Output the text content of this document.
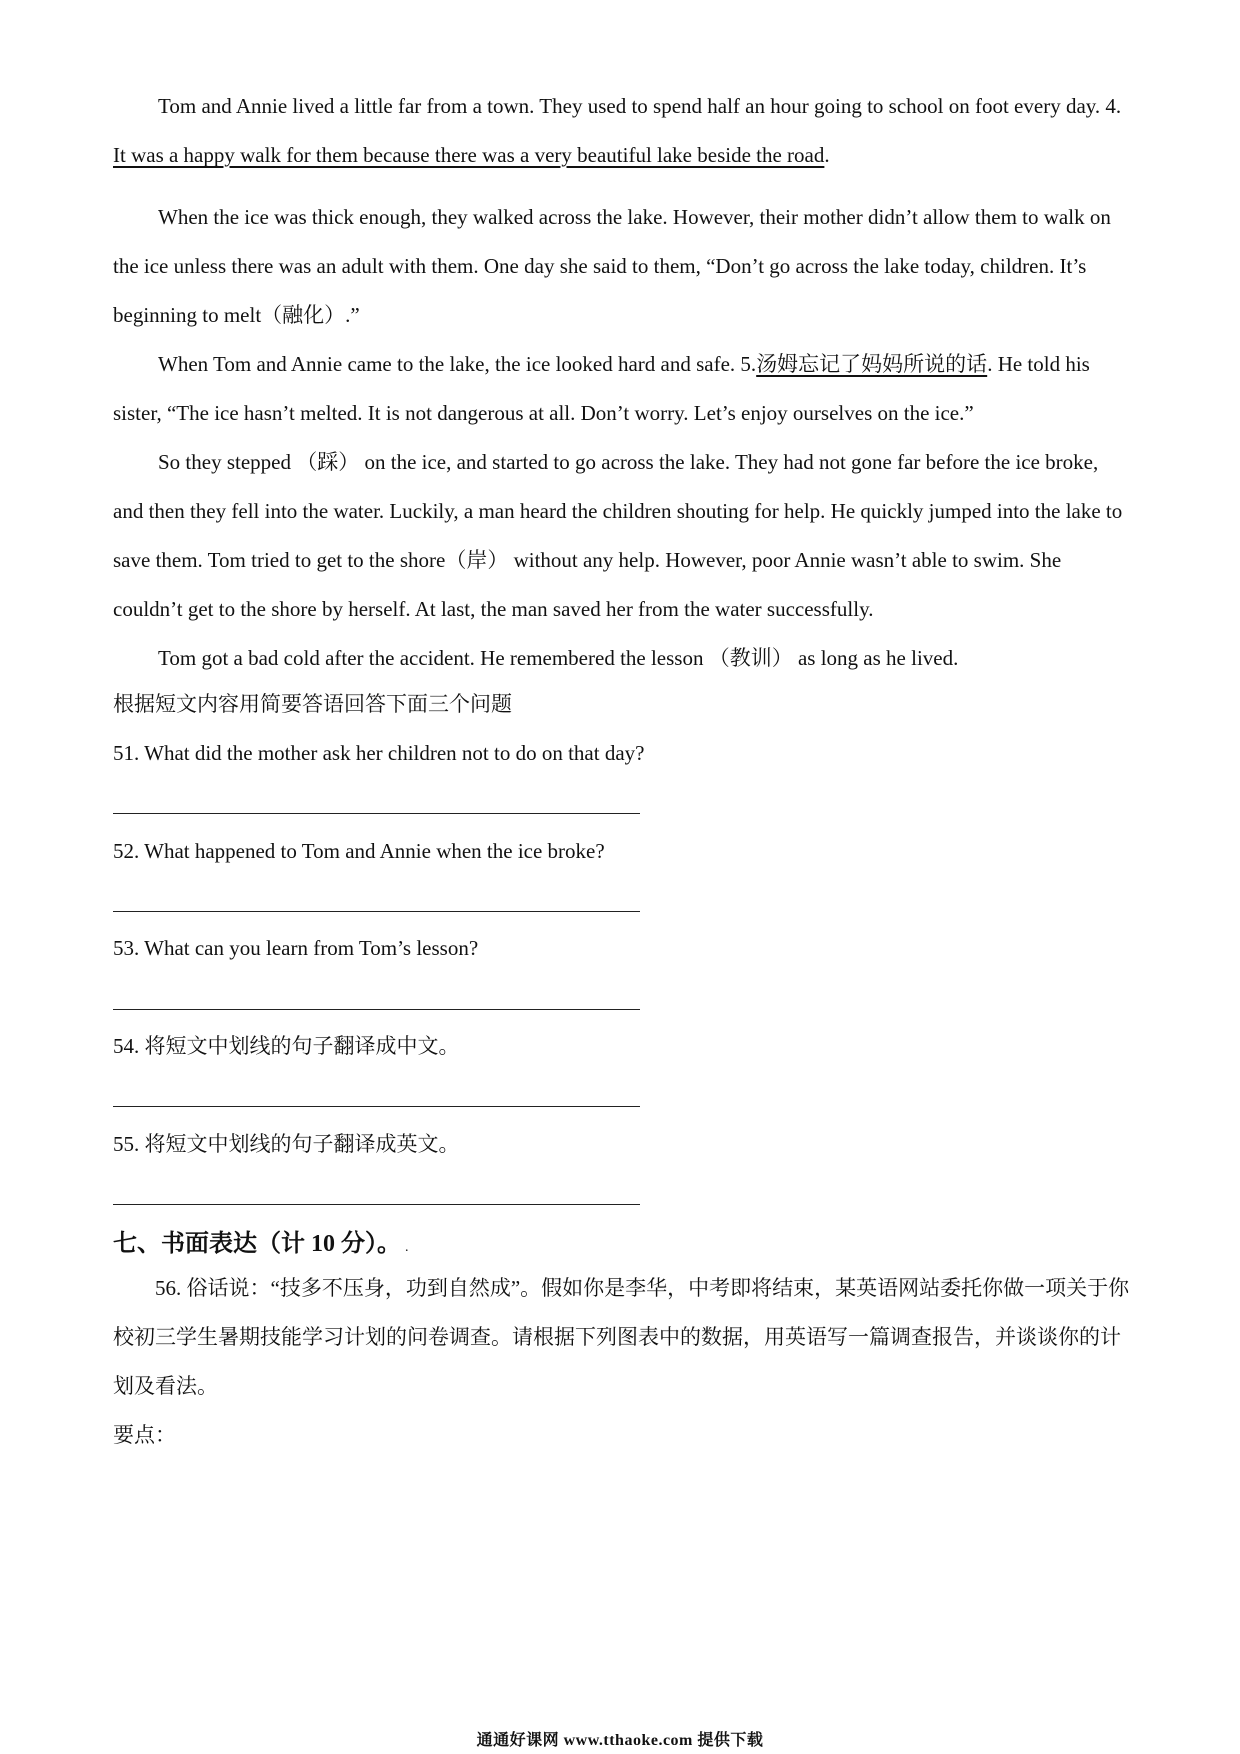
Tom and Annie lived a little far from a town. They used to spend half an hour going to school on foot every day. 4. It was a happy walk for them because there was a very beautiful lake beside the road.

When the ice was thick enough, they walked across the lake. However, their mother didn’t allow them to walk on the ice unless there was an adult with them. One day she said to them, “Don’t go across the lake today, children. It’s beginning to melt（融化）.”

When Tom and Annie came to the lake, the ice looked hard and safe. 5.汤姆忘记了妈妈所说的话. He told his sister, “The ice hasn’t melted. It is not dangerous at all. Don’t worry. Let’s enjoy ourselves on the ice.”

So they stepped （踩） on the ice, and started to go across the lake. They had not gone far before the ice broke, and then they fell into the water. Luckily, a man heard the children shouting for help. He quickly jumped into the lake to save them. Tom tried to get to the shore（岸） without any help. However, poor Annie wasn’t able to swim. She couldn’t get to the shore by herself. At last, the man saved her from the water successfully.

Tom got a bad cold after the accident. He remembered the lesson （教训） as long as he lived.

根据短文内容用简要答语回答下面三个问题
51. What did the mother ask her children not to do on that day?
52. What happened to Tom and Annie when the ice broke?
53. What can you learn from Tom’s lesson?
54. 将短文中划线的句子翻译成中文。
55. 将短文中划线的句子翻译成英文。
七、书面表达（计 10 分）。 .
56. 俗话说：“技多不压身，功到自然成”。假如你是李华，中考即将结束，某英语网站委托你做一项关于你校初三学生暑期技能学习计划的问卷调查。请根据下列图表中的数据，用英语写一篇调查报告，并谈谈你的计划及看法。
要点：
通通好课网 www.tthaoke.com 提供下载
